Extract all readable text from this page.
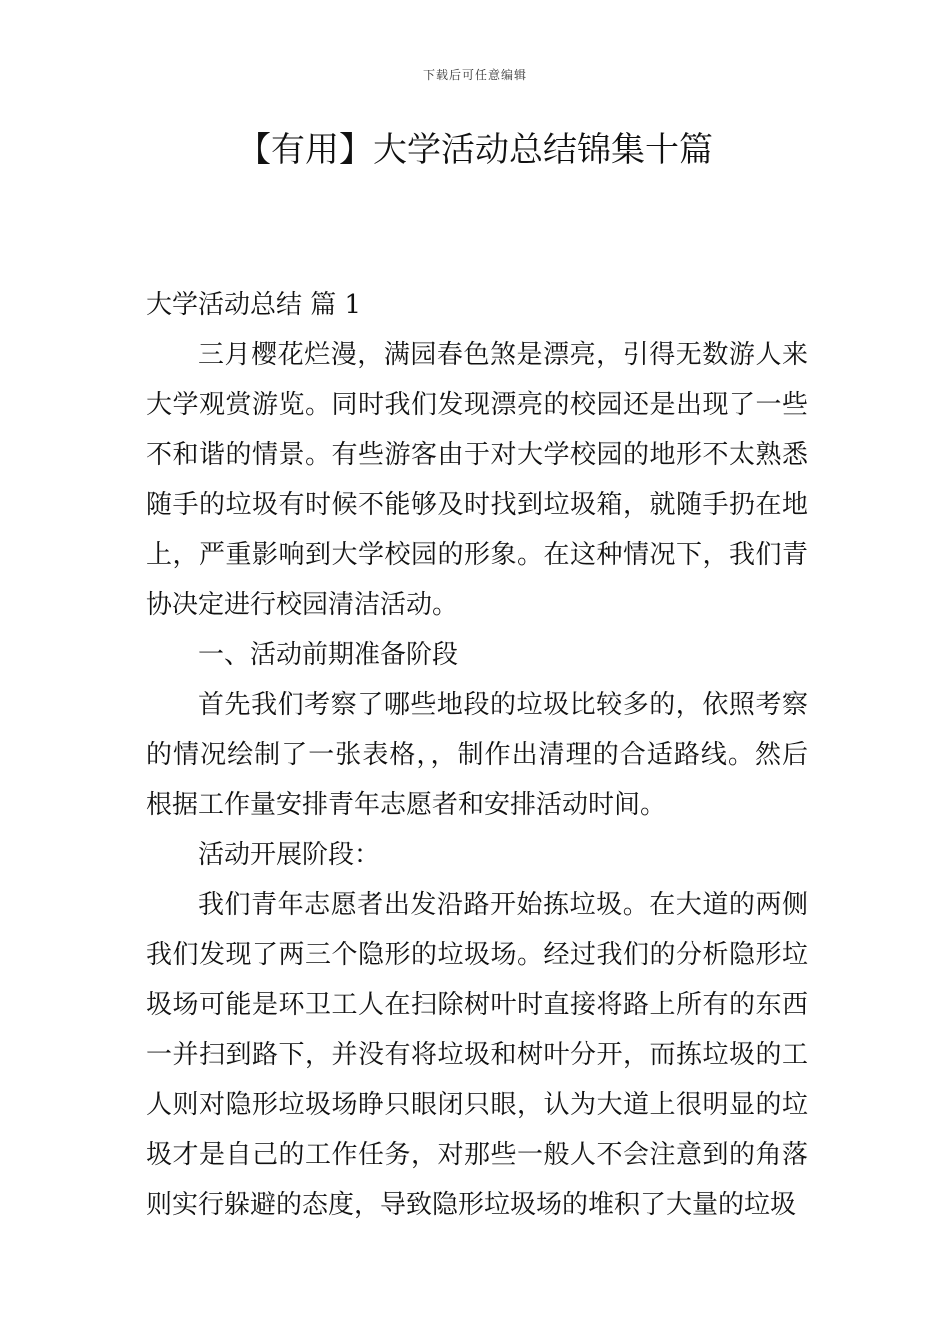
下载后可任意编辑
【有用】大学活动总结锦集十篇

大学活动总结 篇 1

三月樱花烂漫，满园春色煞是漂亮，引得无数游人来大学观赏游览。同时我们发现漂亮的校园还是出现了一些不和谐的情景。有些游客由于对大学校园的地形不太熟悉随手的垃圾有时候不能够及时找到垃圾箱，就随手扔在地上，严重影响到大学校园的形象。在这种情况下，我们青协决定进行校园清洁活动。

一、活动前期准备阶段

首先我们考察了哪些地段的垃圾比较多的，依照考察的情况绘制了一张表格，，制作出清理的合适路线。然后根据工作量安排青年志愿者和安排活动时间。

活动开展阶段：

我们青年志愿者出发沿路开始拣垃圾。在大道的两侧我们发现了两三个隐形的垃圾场。经过我们的分析隐形垃圾场可能是环卫工人在扫除树叶时直接将路上所有的东西一并扫到路下，并没有将垃圾和树叶分开，而拣垃圾的工人则对隐形垃圾场睁只眼闭只眼，认为大道上很明显的垃圾才是自己的工作任务，对那些一般人不会注意到的角落则实行躲避的态度，导致隐形垃圾场的堆积了大量的垃圾
